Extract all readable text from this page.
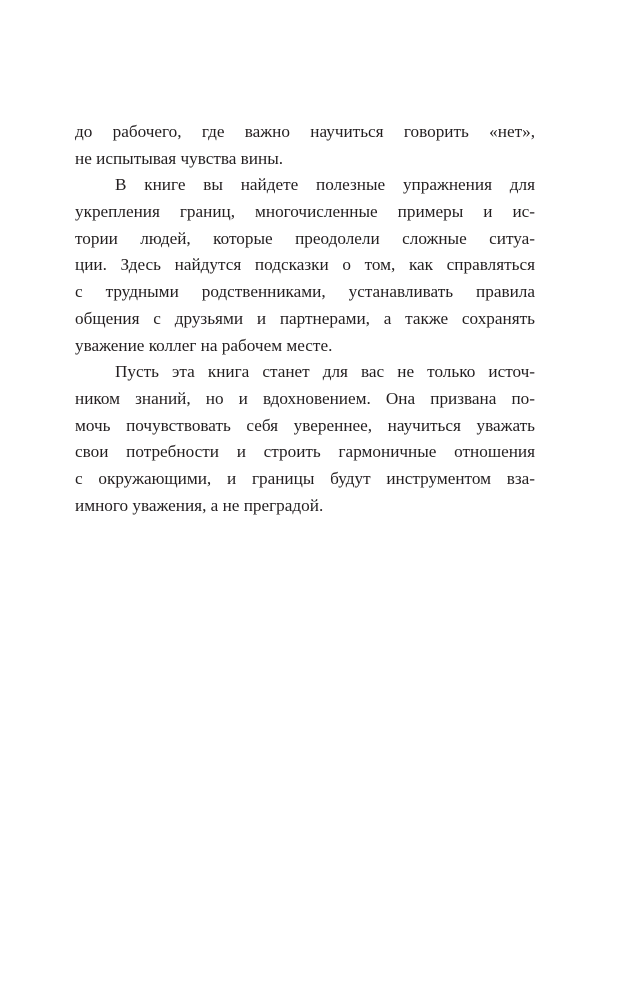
до рабочего, где важно научиться говорить «нет»,
не испытывая чувства вины.
В книге вы найдете полезные упражнения для
укрепления границ, многочисленные примеры и ис-
тории людей, которые преодолели сложные ситуа-
ции. Здесь найдутся подсказки о том, как справляться
с трудными родственниками, устанавливать правила
общения с друзьями и партнерами, а также сохранять
уважение коллег на рабочем месте.
Пусть эта книга станет для вас не только источ-
ником знаний, но и вдохновением. Она призвана по-
мочь почувствовать себя увереннее, научиться уважать
свои потребности и строить гармоничные отношения
с окружающими, и границы будут инструментом вза-
имного уважения, а не преградой.
